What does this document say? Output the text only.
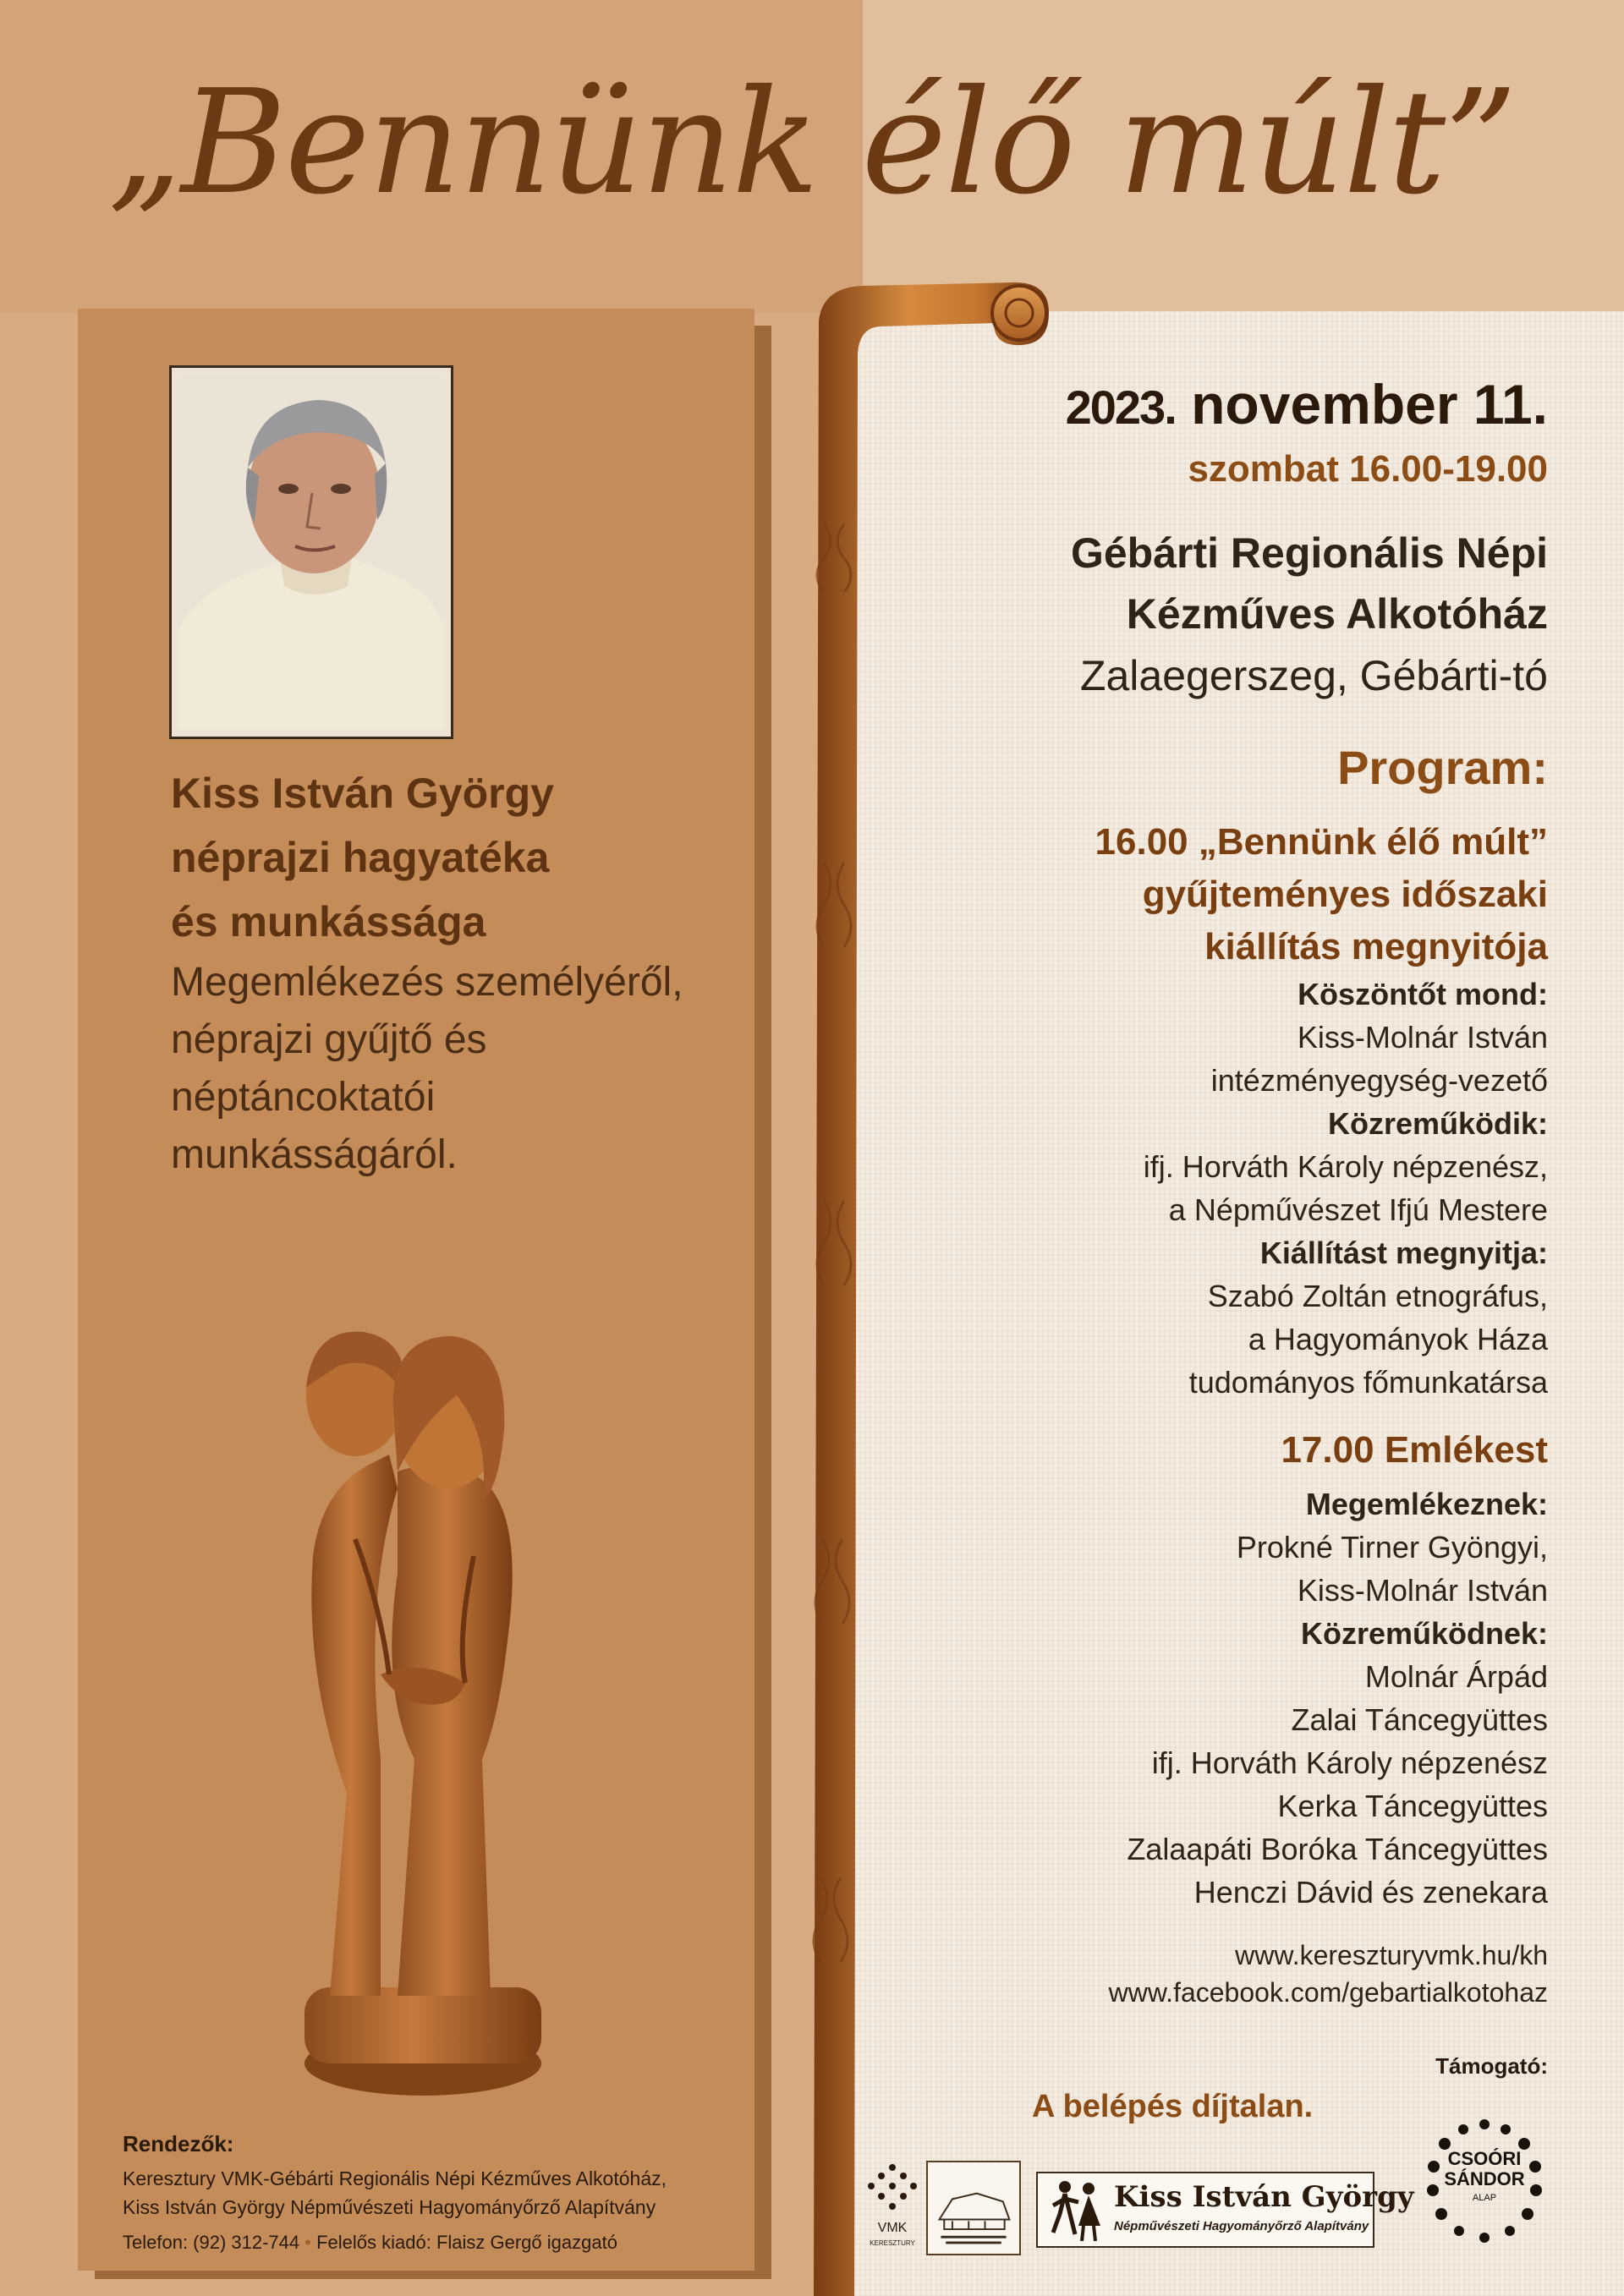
„Bennünk élő múlt”
Kiss István György
néprajzi hagyatéka
és munkássága
Megemlékezés személyéről,
néprajzi gyűjtő és
néptáncoktatói
munkásságáról.
Rendezők:
Keresztury VMK-Gébárti Regionális Népi Kézműves Alkotóház,
Kiss István György Népművészeti Hagyományőrző Alapítvány
Telefon: (92) 312-744 • Felelős kiadó: Flaisz Gergő igazgató
2023. november 11.
szombat 16.00-19.00
Gébárti Regionális Népi
Kézműves Alkotóház
Zalaegerszeg, Gébárti-tó
Program:
16.00 „Bennünk élő múlt”
gyűjteményes időszaki
kiállítás megnyitója
Köszöntőt mond:
Kiss-Molnár István
intézményegység-vezető
Közreműködik:
ifj. Horváth Károly népzenész,
a Népművészet Ifjú Mestere
Kiállítást megnyitja:
Szabó Zoltán etnográfus,
a Hagyományok Háza
tudományos főmunkatársa
17.00 Emlékest
Megemlékeznek:
Prokné Tirner Gyöngyi,
Kiss-Molnár István
Közreműködnek:
Molnár Árpád
Zalai Táncegyüttes
ifj. Horváth Károly népzenész
Kerka Táncegyüttes
Zalaapáti Boróka Táncegyüttes
Henczi Dávid és zenekara
www.kereszturyvmk.hu/kh
www.facebook.com/gebartialkotohaz
Támogató:
A belépés díjtalan.
VMK
KERESZTURY
Kiss István György
Népművészeti Hagyományőrző Alapítvány
CSOÓRI
SÁNDOR
ALAP
